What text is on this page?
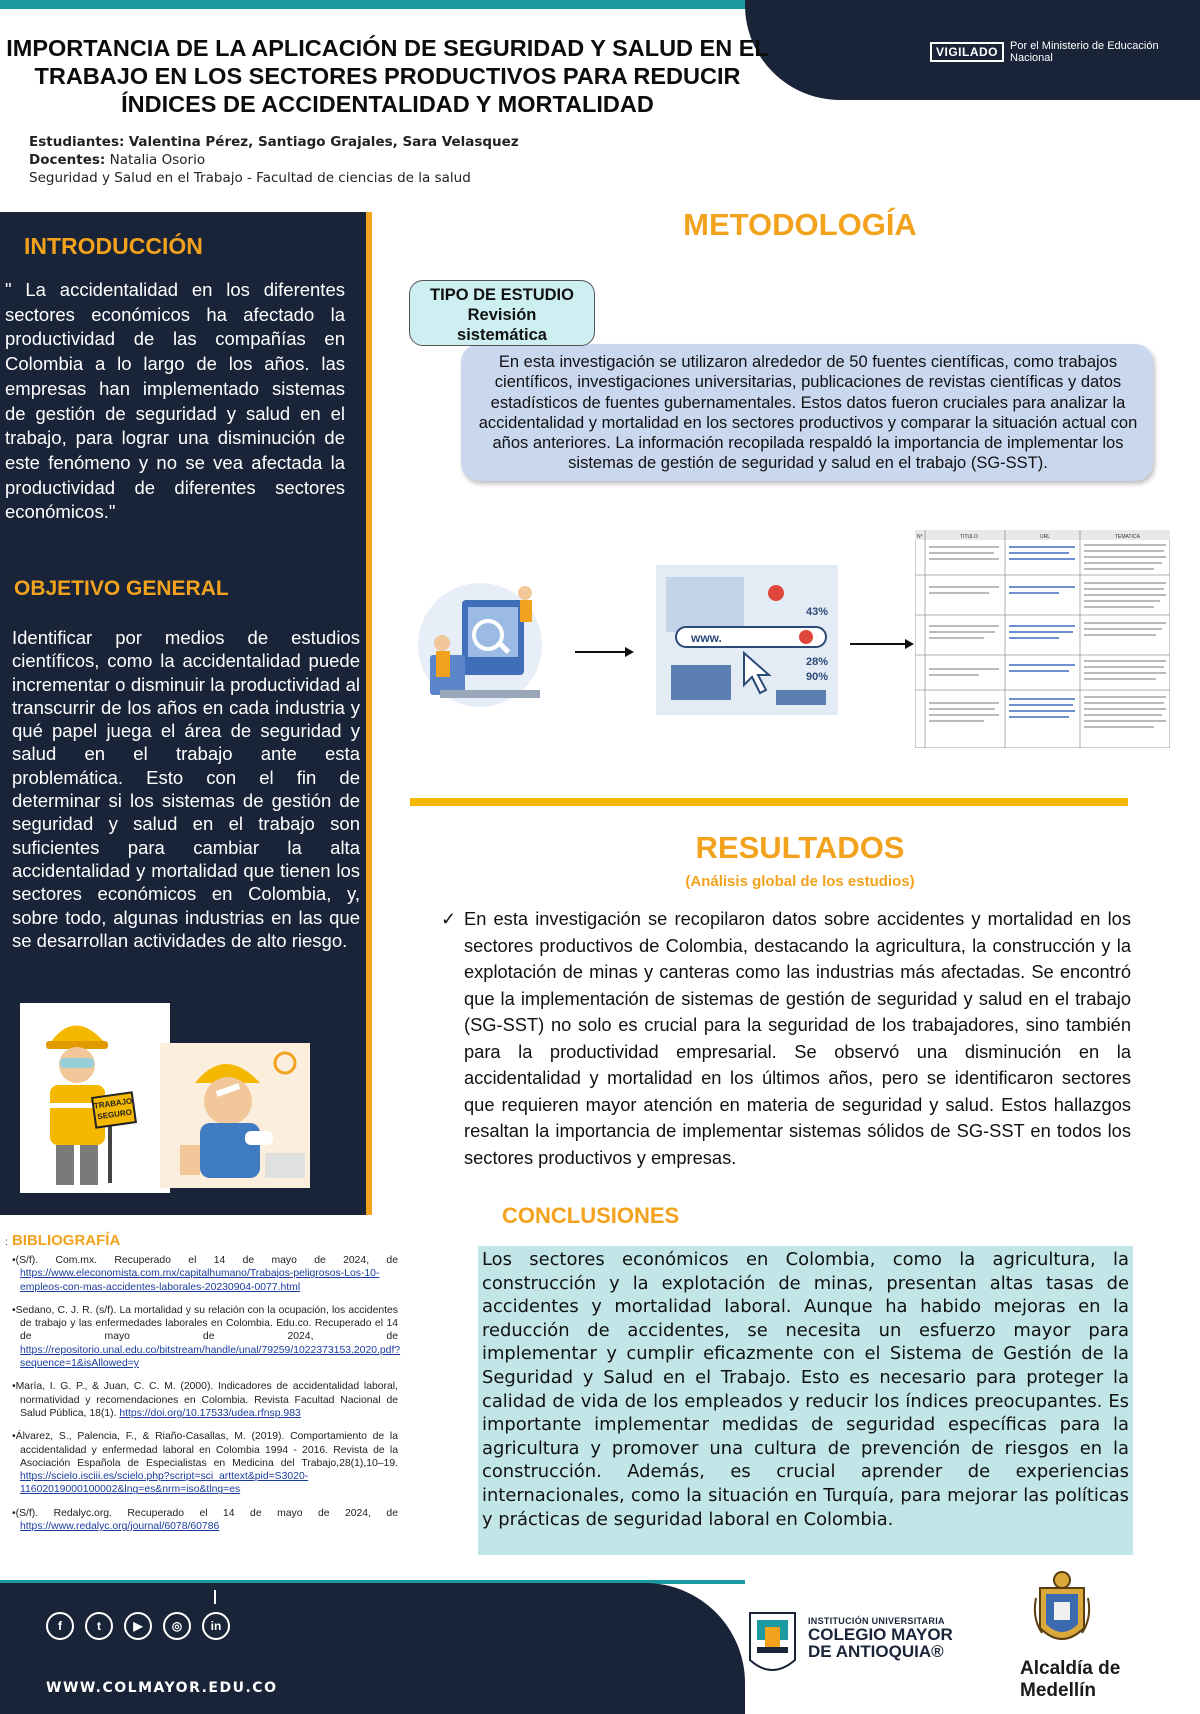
VIGILADO	Por el Ministerio de Educación Nacional
IMPORTANCIA DE LA APLICACIÓN DE SEGURIDAD Y SALUD EN EL TRABAJO EN LOS SECTORES PRODUCTIVOS PARA REDUCIR ÍNDICES DE ACCIDENTALIDAD Y MORTALIDAD
Estudiantes: Valentina Pérez, Santiago Grajales, Sara Velasquez
Docentes: Natalia Osorio
Seguridad y Salud en el Trabajo - Facultad de ciencias de la salud
INTRODUCCIÓN

" La accidentalidad en los diferentes sectores económicos ha afectado la productividad de las compañías en Colombia a lo largo de los años. las empresas han implementado sistemas de gestión de seguridad y salud en el trabajo, para lograr una disminución de este fenómeno y no se vea afectada la productividad de diferentes sectores económicos."

OBJETIVO GENERAL

Identificar por medios de estudios científicos, como la accidentalidad puede incrementar o disminuir la productividad al transcurrir de los años en cada industria y qué papel juega el área de seguridad y salud en el trabajo ante esta problemática. Esto con el fin de determinar si los sistemas de gestión de seguridad y salud en el trabajo son suficientes para cambiar la alta accidentalidad y mortalidad que tienen los sectores económicos en Colombia, y, sobre todo, algunas industrias en las que se desarrollan actividades de alto riesgo.

TRABAJO
SEGURO
: BIBLIOGRAFÍA
•(S/f). Com.mx. Recuperado el 14 de mayo de 2024, de https://www.eleconomista.com.mx/capitalhumano/Trabajos-peligrosos-Los-10-empleos-con-mas-accidentes-laborales-20230904-0077.html
•Sedano, C. J. R. (s/f). La mortalidad y su relación con la ocupación, los accidentes de trabajo y las enfermedades laborales en Colombia. Edu.co. Recuperado el 14 de mayo de 2024, de https://repositorio.unal.edu.co/bitstream/handle/unal/79259/1022373153.2020.pdf?sequence=1&isAllowed=y
•María, I. G. P., & Juan, C. C. M. (2000). Indicadores de accidentalidad laboral, normatividad y recomendaciones en Colombia. Revista Facultad Nacional de Salud Pública, 18(1). https://doi.org/10.17533/udea.rfnsp.983
•Álvarez, S., Palencia, F., & Riaño-Casallas, M. (2019). Comportamiento de la accidentalidad y enfermedad laboral en Colombia 1994 - 2016. Revista de la Asociación Española de Especialistas en Medicina del Trabajo,28(1),10–19. https://scielo.isciii.es/scielo.php?script=sci_arttext&pid=S3020-11602019000100002&lng=es&nrm=iso&tlng=es
•(S/f). Redalyc.org. Recuperado el 14 de mayo de 2024, de https://www.redalyc.org/journal/6078/60786
METODOLOGÍA
TIPO DE ESTUDIO
Revisión
sistemática

En esta investigación se utilizaron alrededor de 50 fuentes científicas, como trabajos científicos, investigaciones universitarias, publicaciones de revistas científicas y datos estadísticos de fuentes gubernamentales. Estos datos fueron cruciales para analizar la accidentalidad y mortalidad en los sectores productivos y comparar la situación actual con años anteriores. La información recopilada respaldó la importancia de implementar los sistemas de gestión de seguridad y salud en el trabajo (SG-SST).

www.
43%
28%
90%
N°	TITULO	URL	TEMATICA
RESULTADOS
(Análisis global de los estudios)
✓ En esta investigación se recopilaron datos sobre accidentes y mortalidad en los sectores productivos de Colombia, destacando la agricultura, la construcción y la explotación de minas y canteras como las industrias más afectadas. Se encontró que la implementación de sistemas de gestión de seguridad y salud en el trabajo (SG-SST) no solo es crucial para la seguridad de los trabajadores, sino también para la productividad empresarial. Se observó una disminución en la accidentalidad y mortalidad en los últimos años, pero se identificaron sectores que requieren mayor atención en materia de seguridad y salud. Estos hallazgos resaltan la importancia de implementar sistemas sólidos de SG-SST en todos los sectores productivos y empresas.

CONCLUSIONES

Los sectores económicos en Colombia, como la agricultura, la construcción y la explotación de minas, presentan altas tasas de accidentes y mortalidad laboral. Aunque ha habido mejoras en la reducción de accidentes, se necesita un esfuerzo mayor para implementar y cumplir eficazmente con el Sistema de Gestión de la Seguridad y Salud en el Trabajo. Esto es necesario para proteger la calidad de vida de los empleados y reducir los índices preocupantes. Es importante implementar medidas de seguridad específicas para la agricultura y promover una cultura de prevención de riesgos en la construcción. Además, es crucial aprender de experiencias internacionales, como la situación en Turquía, para mejorar las políticas y prácticas de seguridad laboral en Colombia.

f	t	▶	◎	in
WWW.COLMAYOR.EDU.CO
INSTITUCIÓN UNIVERSITARIA
COLEGIO MAYOR
DE ANTIOQUIA®
Alcaldía de Medellín
